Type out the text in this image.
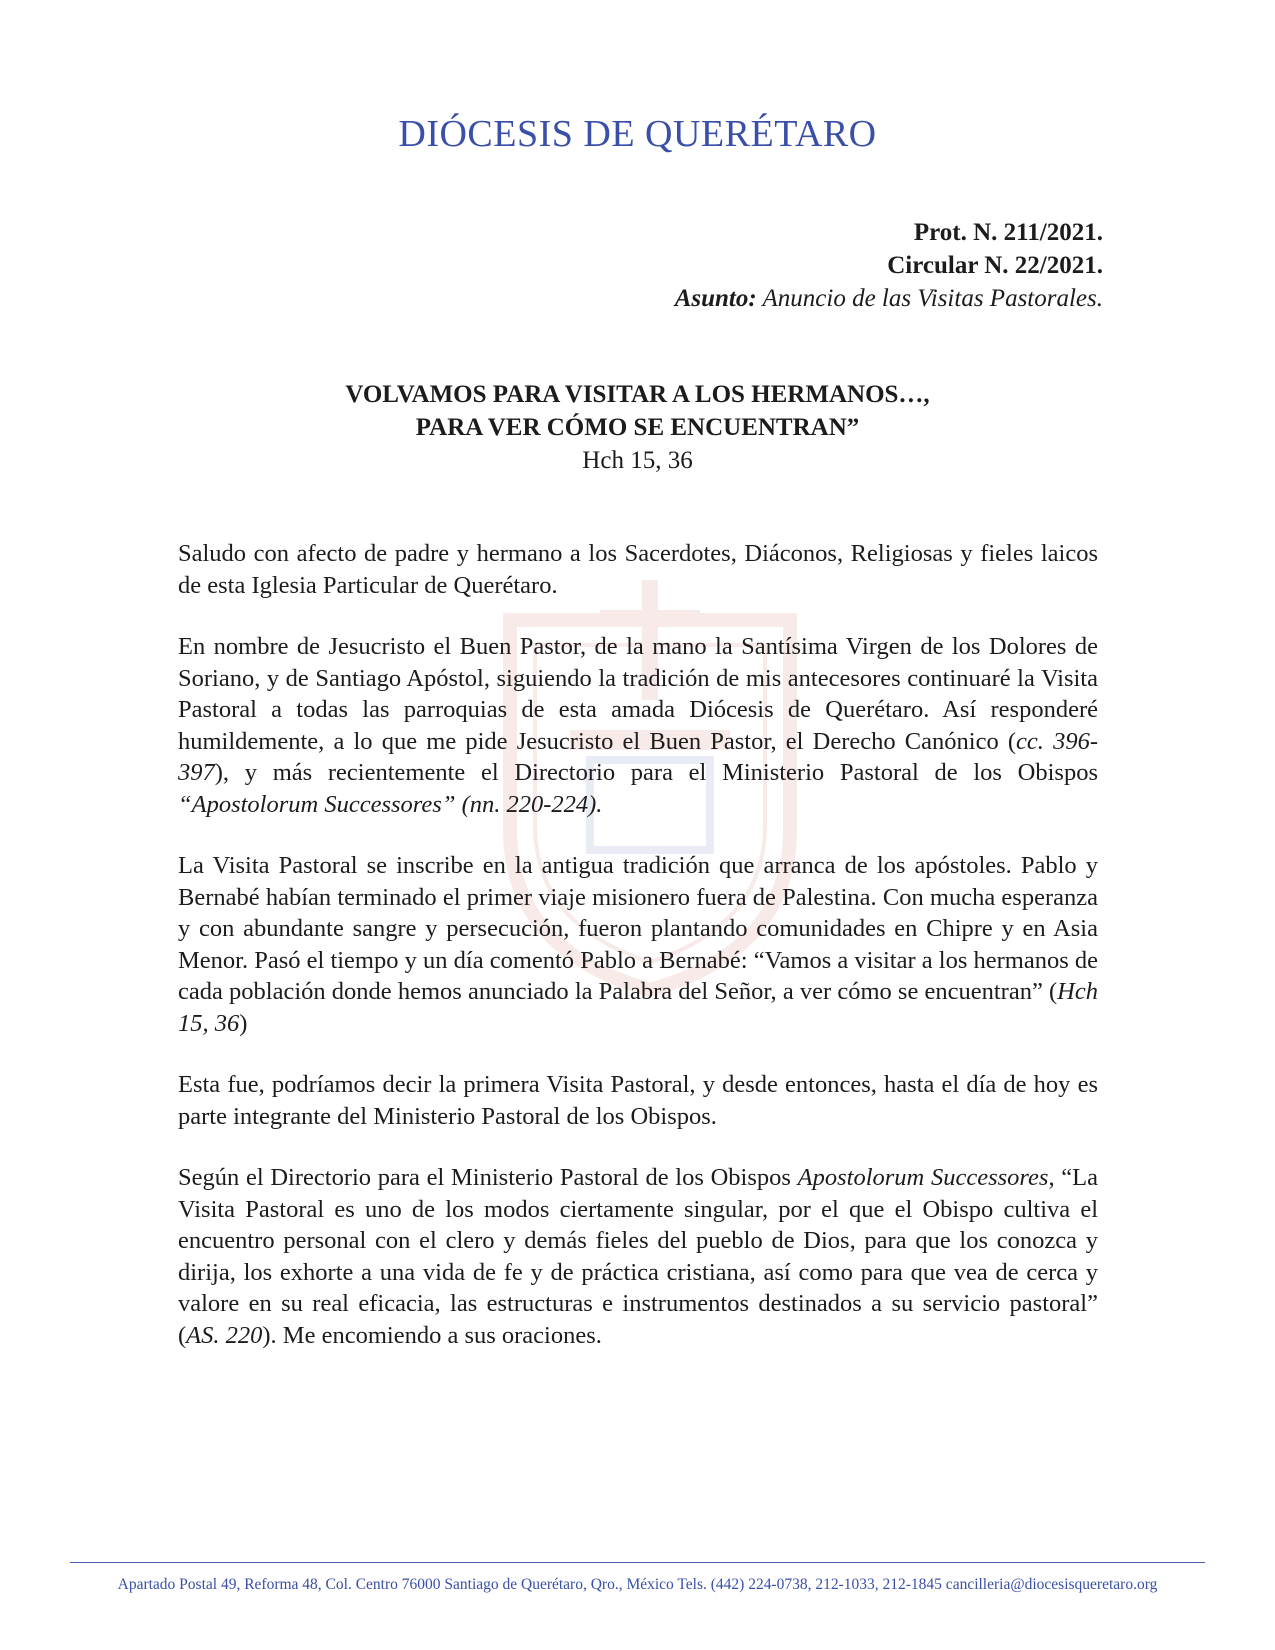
DIÓCESIS DE QUERÉTARO
Prot. N. 211/2021.
Circular N. 22/2021.
Asunto: Anuncio de las Visitas Pastorales.
VOLVAMOS PARA VISITAR A LOS HERMANOS…,
PARA VER CÓMO SE ENCUENTRAN”
Hch 15, 36

Saludo con afecto de padre y hermano a los Sacerdotes, Diáconos, Religiosas y fieles laicos de esta Iglesia Particular de Querétaro.

En nombre de Jesucristo el Buen Pastor, de la mano la Santísima Virgen de los Dolores de Soriano, y de Santiago Apóstol, siguiendo la tradición de mis antecesores continuaré la Visita Pastoral a todas las parroquias de esta amada Diócesis de Querétaro. Así responderé humildemente, a lo que me pide Jesucristo el Buen Pastor, el Derecho Canónico (cc. 396-397), y más recientemente el Directorio para el Ministerio Pastoral de los Obispos “Apostolorum Successores” (nn. 220-224).

La Visita Pastoral se inscribe en la antigua tradición que arranca de los apóstoles. Pablo y Bernabé habían terminado el primer viaje misionero fuera de Palestina. Con mucha esperanza y con abundante sangre y persecución, fueron plantando comunidades en Chipre y en Asia Menor. Pasó el tiempo y un día comentó Pablo a Bernabé: “Vamos a visitar a los hermanos de cada población donde hemos anunciado la Palabra del Señor, a ver cómo se encuentran” (Hch 15, 36)

Esta fue, podríamos decir la primera Visita Pastoral, y desde entonces, hasta el día de hoy es parte integrante del Ministerio Pastoral de los Obispos.

Según el Directorio para el Ministerio Pastoral de los Obispos Apostolorum Successores, “La Visita Pastoral es uno de los modos ciertamente singular, por el que el Obispo cultiva el encuentro personal con el clero y demás fieles del pueblo de Dios, para que los conozca y dirija, los exhorte a una vida de fe y de práctica cristiana, así como para que vea de cerca y valore en su real eficacia, las estructuras e instrumentos destinados a su servicio pastoral” (AS. 220). Me encomiendo a sus oraciones.

Apartado Postal 49, Reforma 48, Col. Centro 76000 Santiago de Querétaro, Qro., México Tels. (442) 224-0738, 212-1033, 212-1845 cancilleria@diocesisqueretaro.org
